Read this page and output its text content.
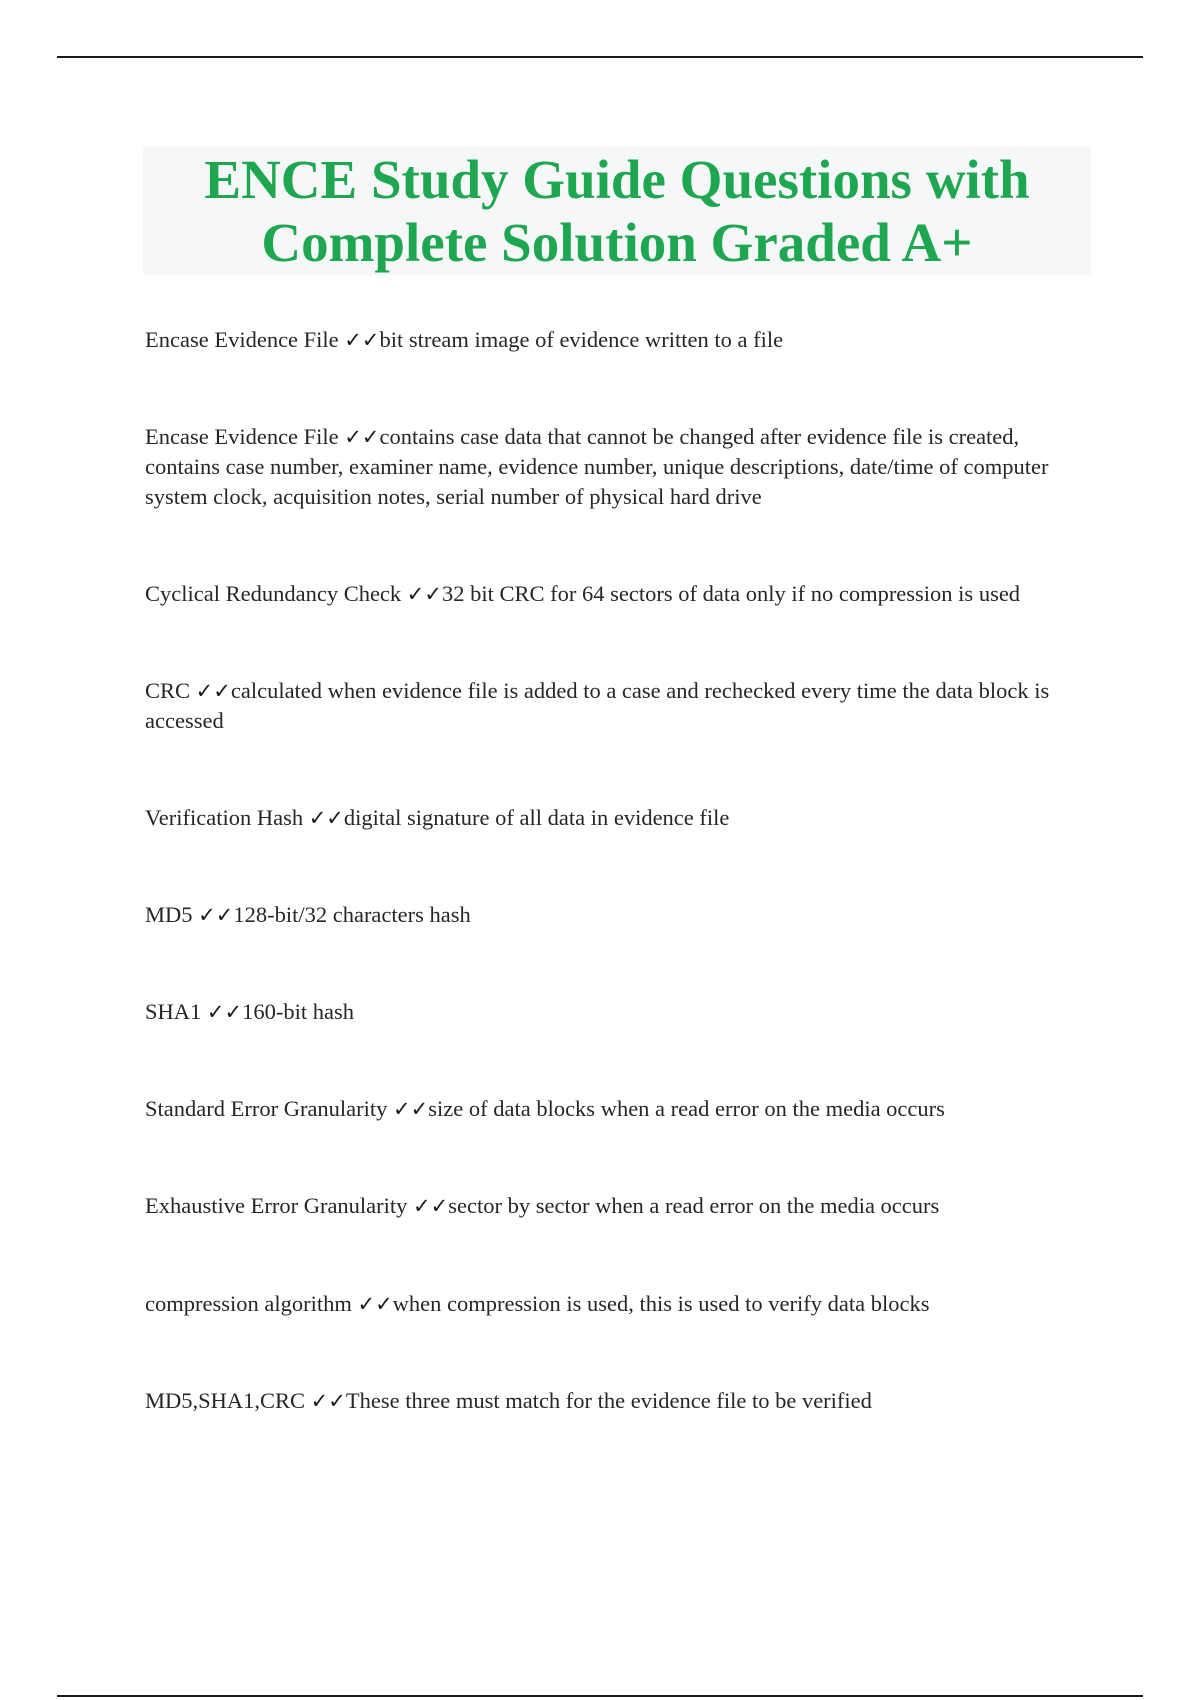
ENCE Study Guide Questions with
Complete Solution Graded A+
Encase Evidence File ✓✓bit stream image of evidence written to a file
Encase Evidence File ✓✓contains case data that cannot be changed after evidence file is created, contains case number, examiner name, evidence number, unique descriptions, date/time of computer system clock, acquisition notes, serial number of physical hard drive
Cyclical Redundancy Check ✓✓32 bit CRC for 64 sectors of data only if no compression is used
CRC ✓✓calculated when evidence file is added to a case and rechecked every time the data block is accessed
Verification Hash ✓✓digital signature of all data in evidence file
MD5 ✓✓128-bit/32 characters hash
SHA1 ✓✓160-bit hash
Standard Error Granularity ✓✓size of data blocks when a read error on the media occurs
Exhaustive Error Granularity ✓✓sector by sector when a read error on the media occurs
compression algorithm ✓✓when compression is used, this is used to verify data blocks
MD5,SHA1,CRC ✓✓These three must match for the evidence file to be verified
